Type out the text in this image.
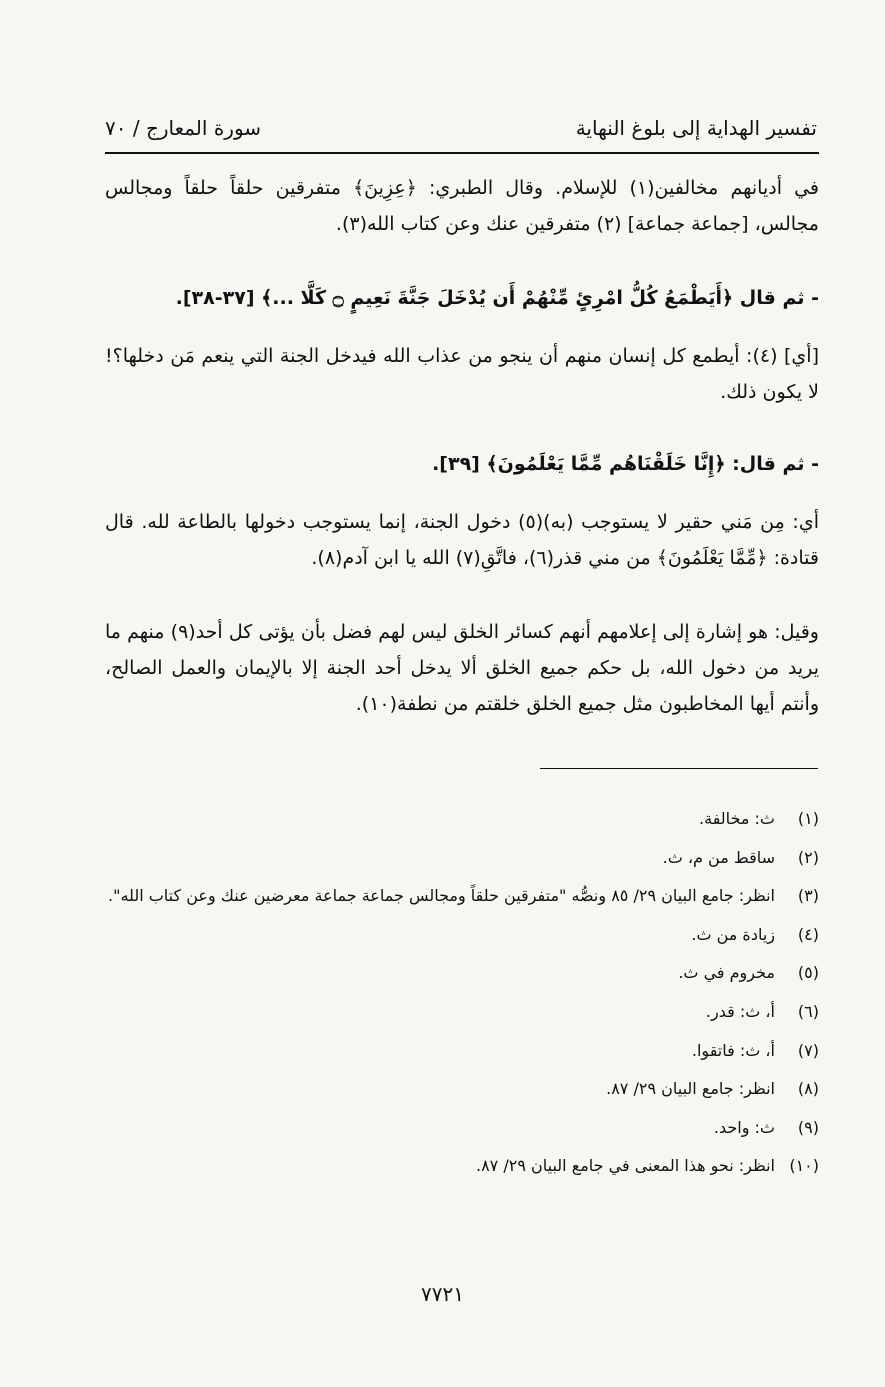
تفسير الهداية إلى بلوغ النهاية
سورة المعارج / ٧٠

في أديانهم مخالفين(١) للإسلام. وقال الطبري: ﴿عِزِينَ﴾ متفرقين حلقاً حلقاً ومجالس مجالس، [جماعة جماعة] (٢) متفرقين عنك وعن كتاب الله(٣).

- ثم قال ﴿أَيَطْمَعُ كُلُّ امْرِئٍ مِّنْهُمْ أَن يُدْخَلَ جَنَّةَ نَعِيمٍ ۝ كَلَّا ...﴾ [٣٧-٣٨].

[أي] (٤): أيطمع كل إنسان منهم أن ينجو من عذاب الله فيدخل الجنة التي ينعم مَن دخلها؟! لا يكون ذلك.

- ثم قال: ﴿إِنَّا خَلَقْنَاهُم مِّمَّا يَعْلَمُونَ﴾ [٣٩].

أي: مِن مَني حقير لا يستوجب (به)(٥) دخول الجنة، إنما يستوجب دخولها بالطاعة لله. قال قتادة: ﴿مِّمَّا يَعْلَمُونَ﴾ من مني قذر(٦)، فاتَّقِ(٧) الله يا ابن آدم(٨).

وقيل: هو إشارة إلى إعلامهم أنهم كسائر الخلق ليس لهم فضل بأن يؤتى كل أحد(٩) منهم ما يريد من دخول الله، بل حكم جميع الخلق ألا يدخل أحد الجنة إلا بالإيمان والعمل الصالح، وأنتم أيها المخاطبون مثل جميع الخلق خلقتم من نطفة(١٠).

(١)
ث: مخالفة.
(٢)
ساقط من م، ث.
(٣)
انظر: جامع البيان ٢٩/ ٨٥ ونصُّه "متفرقين حلقاً ومجالس جماعة جماعة معرضين عنك وعن كتاب الله".
(٤)
زيادة من ث.
(٥)
مخروم في ث.
(٦)
أ، ث: قدر.
(٧)
أ، ث: فاتقوا.
(٨)
انظر: جامع البيان ٢٩/ ٨٧.
(٩)
ث: واحد.
(١٠)
انظر: نحو هذا المعنى في جامع البيان ٢٩/ ٨٧.
٧٧٢١
